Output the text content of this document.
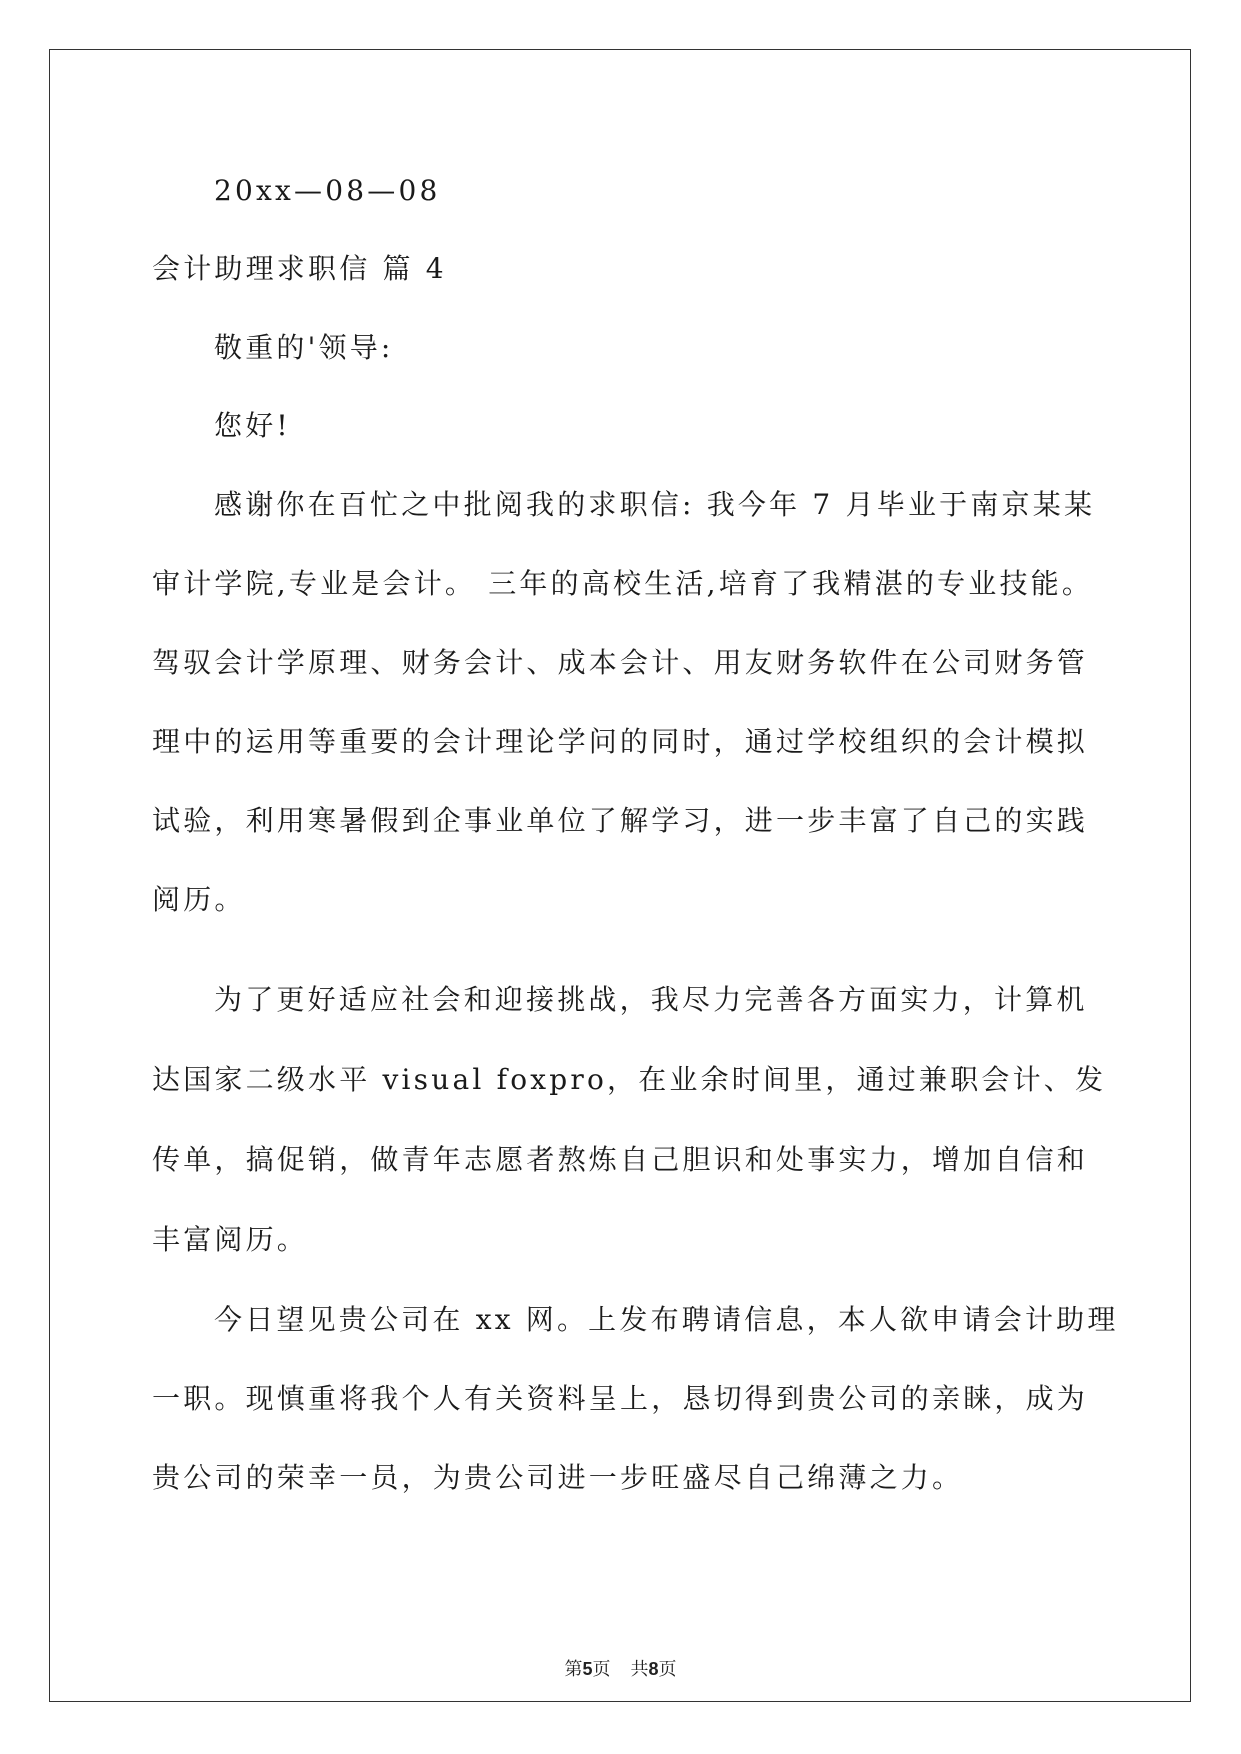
20xx—08—08
会计助理求职信 篇 4
敬重的'领导:
您好!
感谢你在百忙之中批阅我的求职信: 我今年 7 月毕业于南京某某
审计学院,专业是会计。 三年的高校生活,培育了我精湛的专业技能。
驾驭会计学原理、财务会计、成本会计、用友财务软件在公司财务管
理中的运用等重要的会计理论学问的同时，通过学校组织的会计模拟
试验，利用寒暑假到企事业单位了解学习，进一步丰富了自己的实践
阅历。
为了更好适应社会和迎接挑战，我尽力完善各方面实力，计算机
达国家二级水平 visual foxpro，在业余时间里，通过兼职会计、发
传单，搞促销，做青年志愿者熬炼自己胆识和处事实力，增加自信和
丰富阅历。
今日望见贵公司在 xx 网。上发布聘请信息，本人欲申请会计助理
一职。现慎重将我个人有关资料呈上，恳切得到贵公司的亲睐，成为
贵公司的荣幸一员，为贵公司进一步旺盛尽自己绵薄之力。
第5页 共8页
